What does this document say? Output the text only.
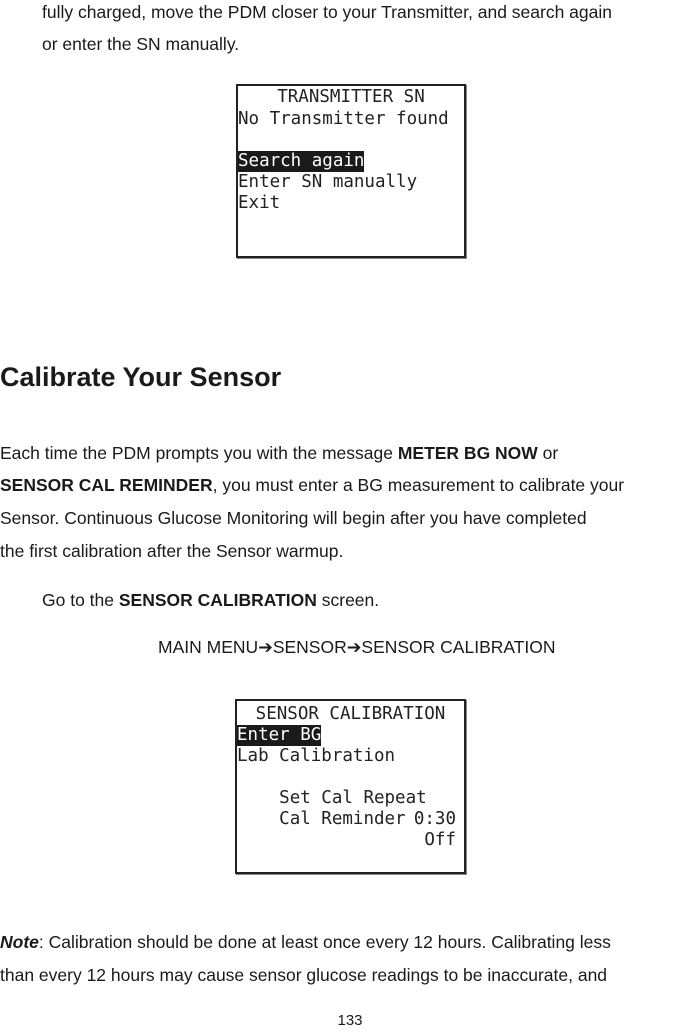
fully charged, move the PDM closer to your Transmitter, and search again
or enter the SN manually.
TRANSMITTER SN
No Transmitter found
Search again
Enter SN manually
Exit
Calibrate Your Sensor
Each time the PDM prompts you with the message METER BG NOW or
SENSOR CAL REMINDER, you must enter a BG measurement to calibrate your
Sensor. Continuous Glucose Monitoring will begin after you have completed
the first calibration after the Sensor warmup.
Go to the SENSOR CALIBRATION screen.
MAIN MENU➔SENSOR➔SENSOR CALIBRATION
SENSOR CALIBRATION
Enter BG
Lab Calibration

Set Cal Repeat

0:30

Cal Reminder

Off

Note: Calibration should be done at least once every 12 hours. Calibrating less
than every 12 hours may cause sensor glucose readings to be inaccurate, and
133
